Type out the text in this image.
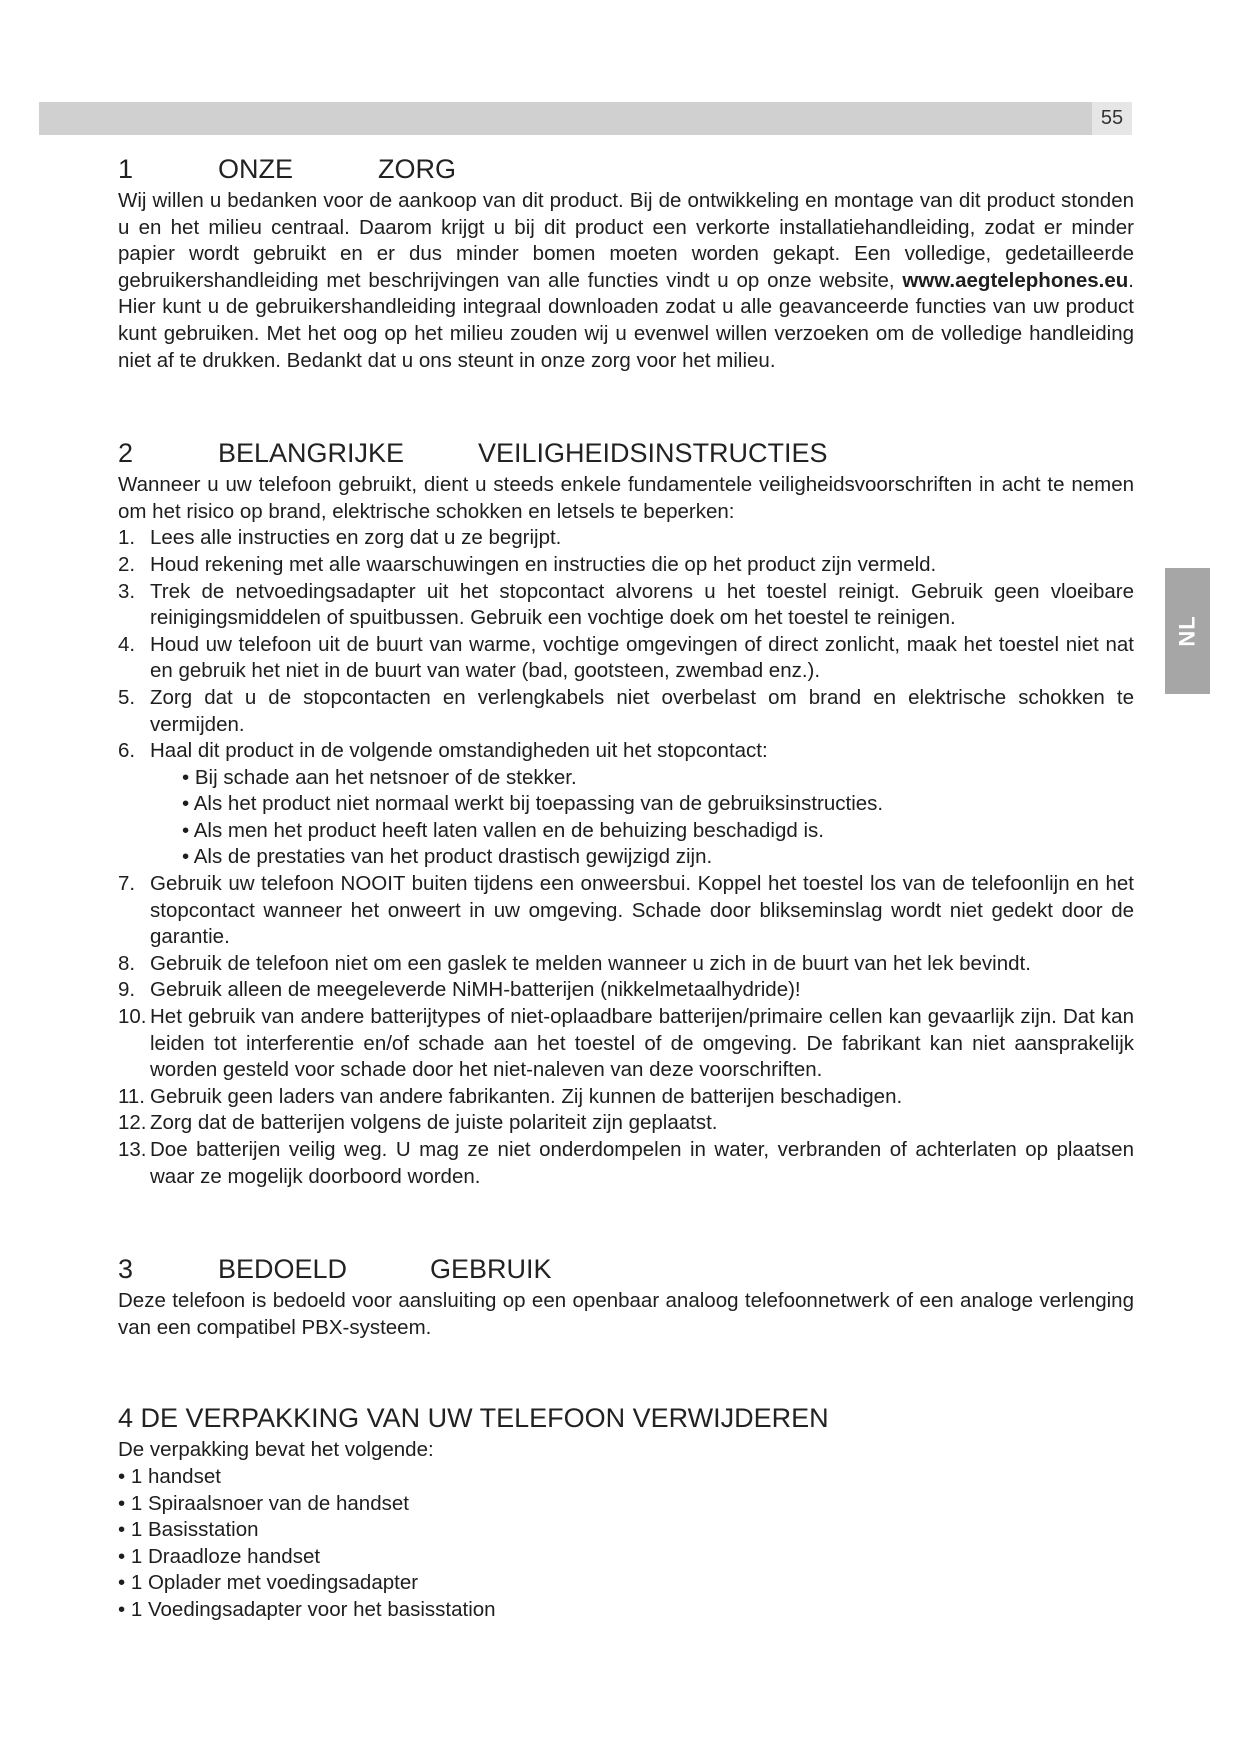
55
NL
1	ONZE	ZORG

Wij willen u bedanken voor de aankoop van dit product. Bij de ontwikkeling en montage van dit product stonden u en het milieu centraal. Daarom krijgt u bij dit product een verkorte installatiehandleiding, zodat er minder papier wordt gebruikt en er dus minder bomen moeten worden gekapt. Een volledige, gedetailleerde gebruikershandleiding met beschrijvingen van alle functies vindt u op onze website, www.aegtelephones.eu. Hier kunt u de gebruikershandleiding integraal downloaden zodat u alle geavanceerde functies van uw product kunt gebruiken. Met het oog op het milieu zouden wij u evenwel willen verzoeken om de volledige handleiding niet af te drukken. Bedankt dat u ons steunt in onze zorg voor het milieu.

2	BELANGRIJKE	VEILIGHEIDSINSTRUCTIES

Wanneer u uw telefoon gebruikt, dient u steeds enkele fundamentele veiligheidsvoorschriften in acht te nemen om het risico op brand, elektrische schokken en letsels te beperken:

1. Lees alle instructies en zorg dat u ze begrijpt.
2. Houd rekening met alle waarschuwingen en instructies die op het product zijn vermeld.
3. Trek de netvoedingsadapter uit het stopcontact alvorens u het toestel reinigt. Gebruik geen vloeibare reinigingsmiddelen of spuitbussen. Gebruik een vochtige doek om het toestel te reinigen.
4. Houd uw telefoon uit de buurt van warme, vochtige omgevingen of direct zonlicht, maak het toestel niet nat en gebruik het niet in de buurt van water (bad, gootsteen, zwembad enz.).
5. Zorg dat u de stopcontacten en verlengkabels niet overbelast om brand en elektrische schokken te vermijden.
6. Haal dit product in de volgende omstandigheden uit het stopcontact:
• Bij schade aan het netsnoer of de stekker.
• Als het product niet normaal werkt bij toepassing van de gebruiksinstructies.
• Als men het product heeft laten vallen en de behuizing beschadigd is.
• Als de prestaties van het product drastisch gewijzigd zijn.
7. Gebruik uw telefoon NOOIT buiten tijdens een onweersbui. Koppel het toestel los van de telefoonlijn en het stopcontact wanneer het onweert in uw omgeving. Schade door blikseminslag wordt niet gedekt door de garantie.
8. Gebruik de telefoon niet om een gaslek te melden wanneer u zich in de buurt van het lek bevindt.
9. Gebruik alleen de meegeleverde NiMH-batterijen (nikkelmetaalhydride)!
10. Het gebruik van andere batterijtypes of niet-oplaadbare batterijen/primaire cellen kan gevaarlijk zijn. Dat kan leiden tot interferentie en/of schade aan het toestel of de omgeving. De fabrikant kan niet aansprakelijk worden gesteld voor schade door het niet-naleven van deze voorschriften.
11. Gebruik geen laders van andere fabrikanten. Zij kunnen de batterijen beschadigen.
12. Zorg dat de batterijen volgens de juiste polariteit zijn geplaatst.
13. Doe batterijen veilig weg. U mag ze niet onderdompelen in water, verbranden of achterlaten op plaatsen waar ze mogelijk doorboord worden.
3	BEDOELD	GEBRUIK

Deze telefoon is bedoeld voor aansluiting op een openbaar analoog telefoonnetwerk of een analoge verlenging van een compatibel PBX-systeem.

4 DE VERPAKKING VAN UW TELEFOON VERWIJDEREN

De verpakking bevat het volgende:

• 1 handset
• 1 Spiraalsnoer van de handset
• 1 Basisstation
• 1 Draadloze handset
• 1 Oplader met voedingsadapter
• 1 Voedingsadapter voor het basisstation
